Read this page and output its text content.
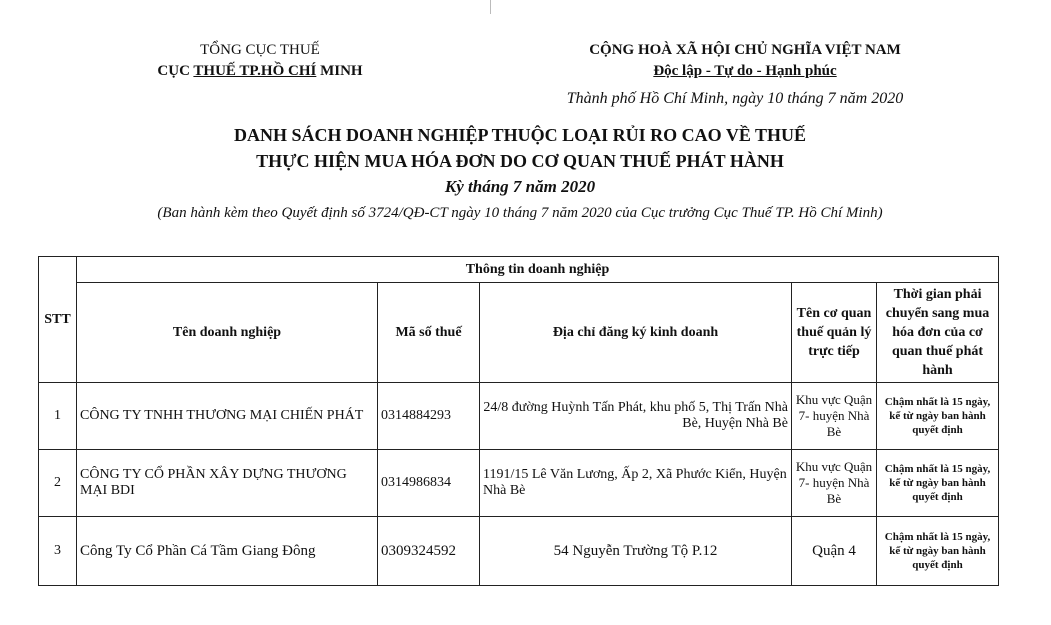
TỔNG CỤC THUẾ
CỤC THUẾ TP.HỒ CHÍ MINH
CỘNG HOÀ XÃ HỘI CHỦ NGHĨA VIỆT NAM
Độc lập - Tự do - Hạnh phúc
Thành phố Hồ Chí Minh, ngày 10 tháng 7 năm 2020
DANH SÁCH DOANH NGHIỆP THUỘC LOẠI RỦI RO CAO VỀ THUẾ
THỰC HIỆN MUA HÓA ĐƠN DO CƠ QUAN THUẾ PHÁT HÀNH
Kỳ tháng 7 năm 2020
(Ban hành kèm theo Quyết định số 3724/QĐ-CT ngày 10 tháng 7 năm 2020 của Cục trưởng Cục Thuế TP. Hồ Chí Minh)
STT	Thông tin doanh nghiệp				
	Tên doanh nghiệp	Mã số thuế	Địa chỉ đăng ký kinh doanh	Tên cơ quan thuế quản lý trực tiếp	Thời gian phải chuyển sang mua hóa đơn của cơ quan thuế phát hành
1	CÔNG TY TNHH THƯƠNG MẠI CHIẾN PHÁT	0314884293	24/8 đường Huỳnh Tấn Phát, khu phố 5, Thị Trấn Nhà Bè, Huyện Nhà Bè	Khu vực Quận 7- huyện Nhà Bè	Chậm nhất là 15 ngày, kể từ ngày ban hành quyết định
2	CÔNG TY CỔ PHẦN XÂY DỰNG THƯƠNG MẠI BDI	0314986834	1191/15 Lê Văn Lương, Ấp 2, Xã Phước Kiển, Huyện Nhà Bè	Khu vực Quận 7- huyện Nhà Bè	Chậm nhất là 15 ngày, kể từ ngày ban hành quyết định
3	Công Ty Cổ Phần Cá Tầm Giang Đông	0309324592	54 Nguyễn Trường Tộ P.12	Quận 4	Chậm nhất là 15 ngày, kể từ ngày ban hành quyết định
